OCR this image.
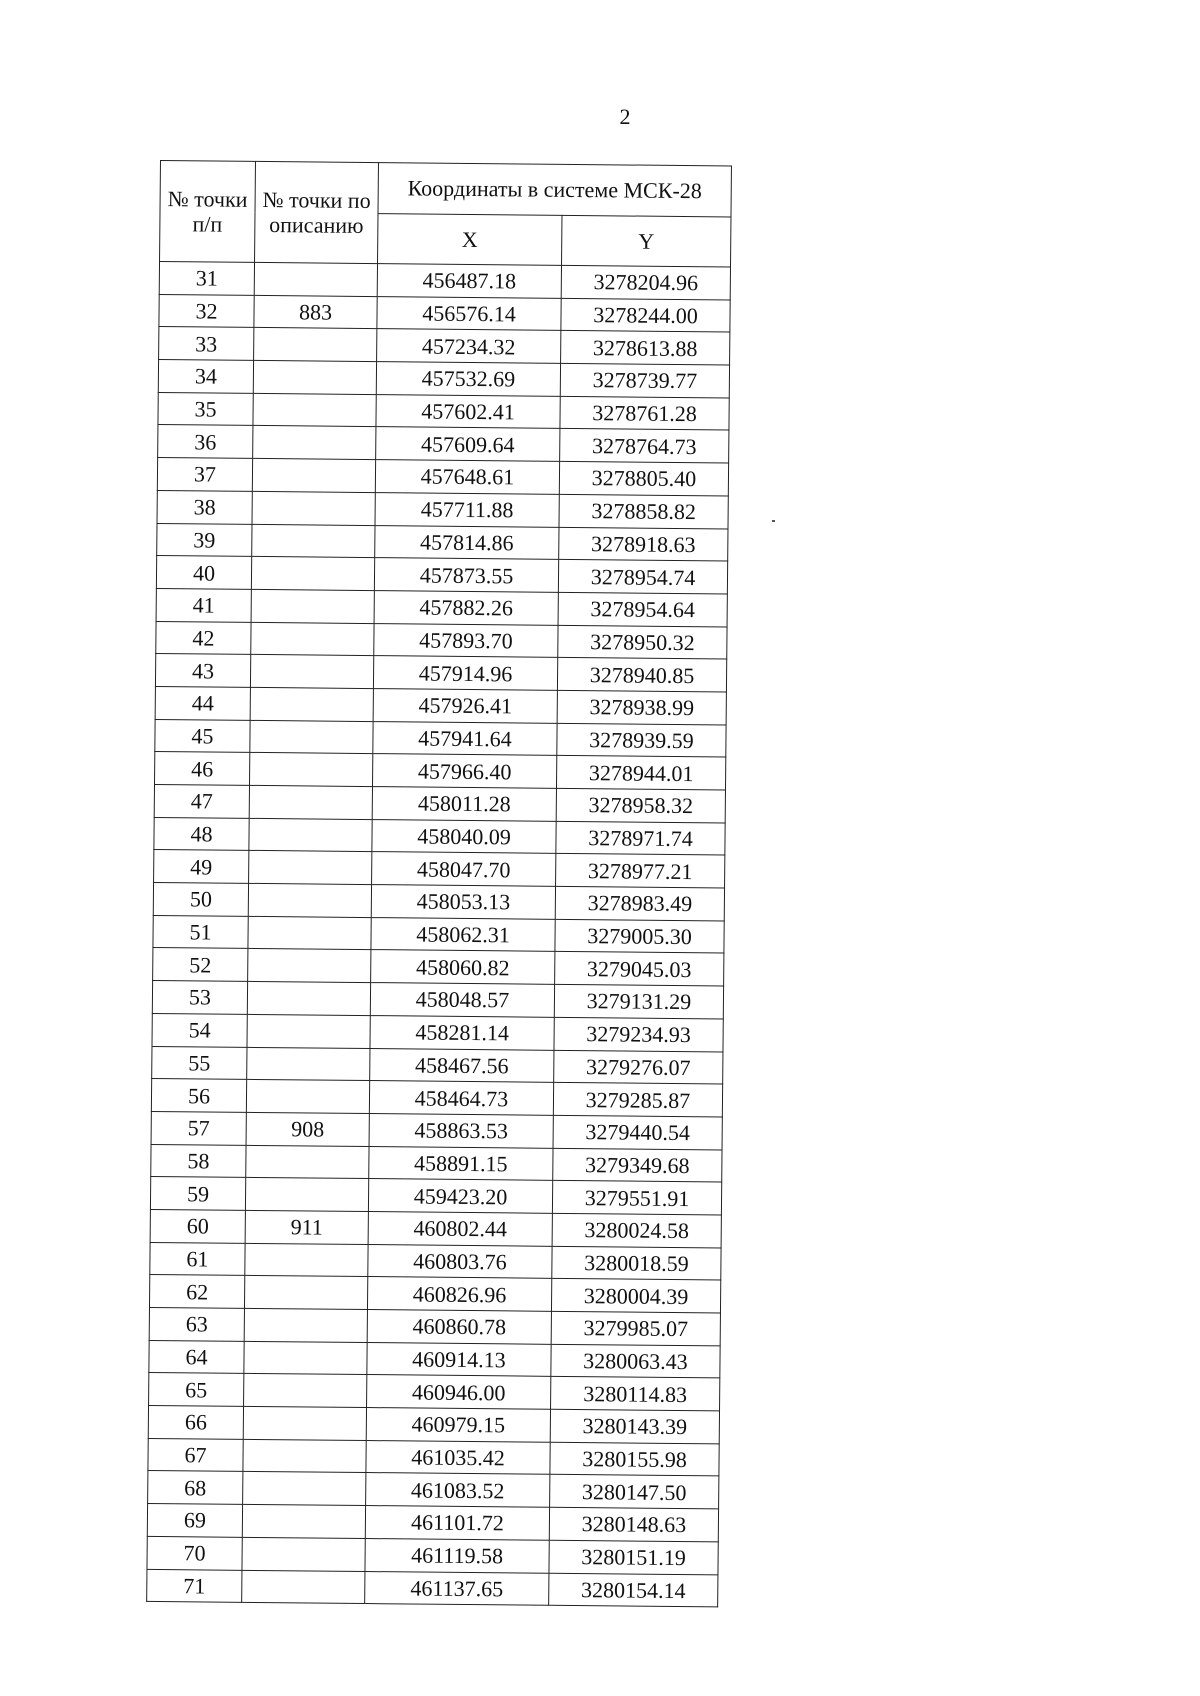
2
№ точки п/п	№ точки по описанию	Координаты в системе МСК-28	
		X	Y
31		456487.18	3278204.96
32	883	456576.14	3278244.00
33		457234.32	3278613.88
34		457532.69	3278739.77
35		457602.41	3278761.28
36		457609.64	3278764.73
37		457648.61	3278805.40
38		457711.88	3278858.82
39		457814.86	3278918.63
40		457873.55	3278954.74
41		457882.26	3278954.64
42		457893.70	3278950.32
43		457914.96	3278940.85
44		457926.41	3278938.99
45		457941.64	3278939.59
46		457966.40	3278944.01
47		458011.28	3278958.32
48		458040.09	3278971.74
49		458047.70	3278977.21
50		458053.13	3278983.49
51		458062.31	3279005.30
52		458060.82	3279045.03
53		458048.57	3279131.29
54		458281.14	3279234.93
55		458467.56	3279276.07
56		458464.73	3279285.87
57	908	458863.53	3279440.54
58		458891.15	3279349.68
59		459423.20	3279551.91
60	911	460802.44	3280024.58
61		460803.76	3280018.59
62		460826.96	3280004.39
63		460860.78	3279985.07
64		460914.13	3280063.43
65		460946.00	3280114.83
66		460979.15	3280143.39
67		461035.42	3280155.98
68		461083.52	3280147.50
69		461101.72	3280148.63
70		461119.58	3280151.19
71		461137.65	3280154.14
